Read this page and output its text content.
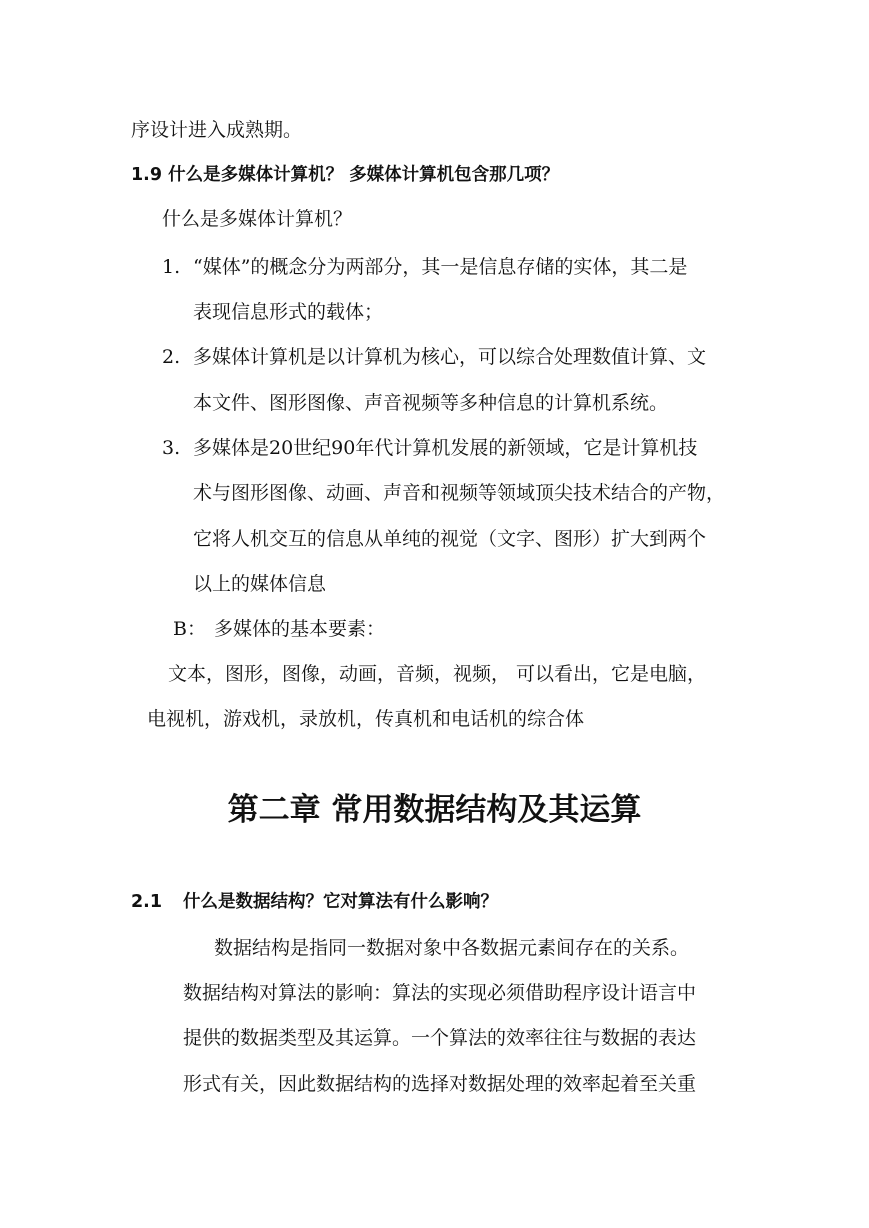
序设计进入成熟期。
1.9 什么是多媒体计算机？ 多媒体计算机包含那几项？
什么是多媒体计算机？
1. “媒体”的概念分为两部分，其一是信息存储的实体，其二是
表现信息形式的载体；
2. 多媒体计算机是以计算机为核心，可以综合处理数值计算、文
本文件、图形图像、声音视频等多种信息的计算机系统。
3. 多媒体是20世纪90年代计算机发展的新领域，它是计算机技
术与图形图像、动画、声音和视频等领域顶尖技术结合的产物，
它将人机交互的信息从单纯的视觉（文字、图形）扩大到两个
以上的媒体信息
B： 多媒体的基本要素：
文本，图形，图像，动画，音频，视频， 可以看出，它是电脑，
电视机，游戏机，录放机，传真机和电话机的综合体
第二章 常用数据结构及其运算
2.1 什么是数据结构？它对算法有什么影响？
数据结构是指同一数据对象中各数据元素间存在的关系。
数据结构对算法的影响：算法的实现必须借助程序设计语言中
提供的数据类型及其运算。一个算法的效率往往与数据的表达
形式有关，因此数据结构的选择对数据处理的效率起着至关重
